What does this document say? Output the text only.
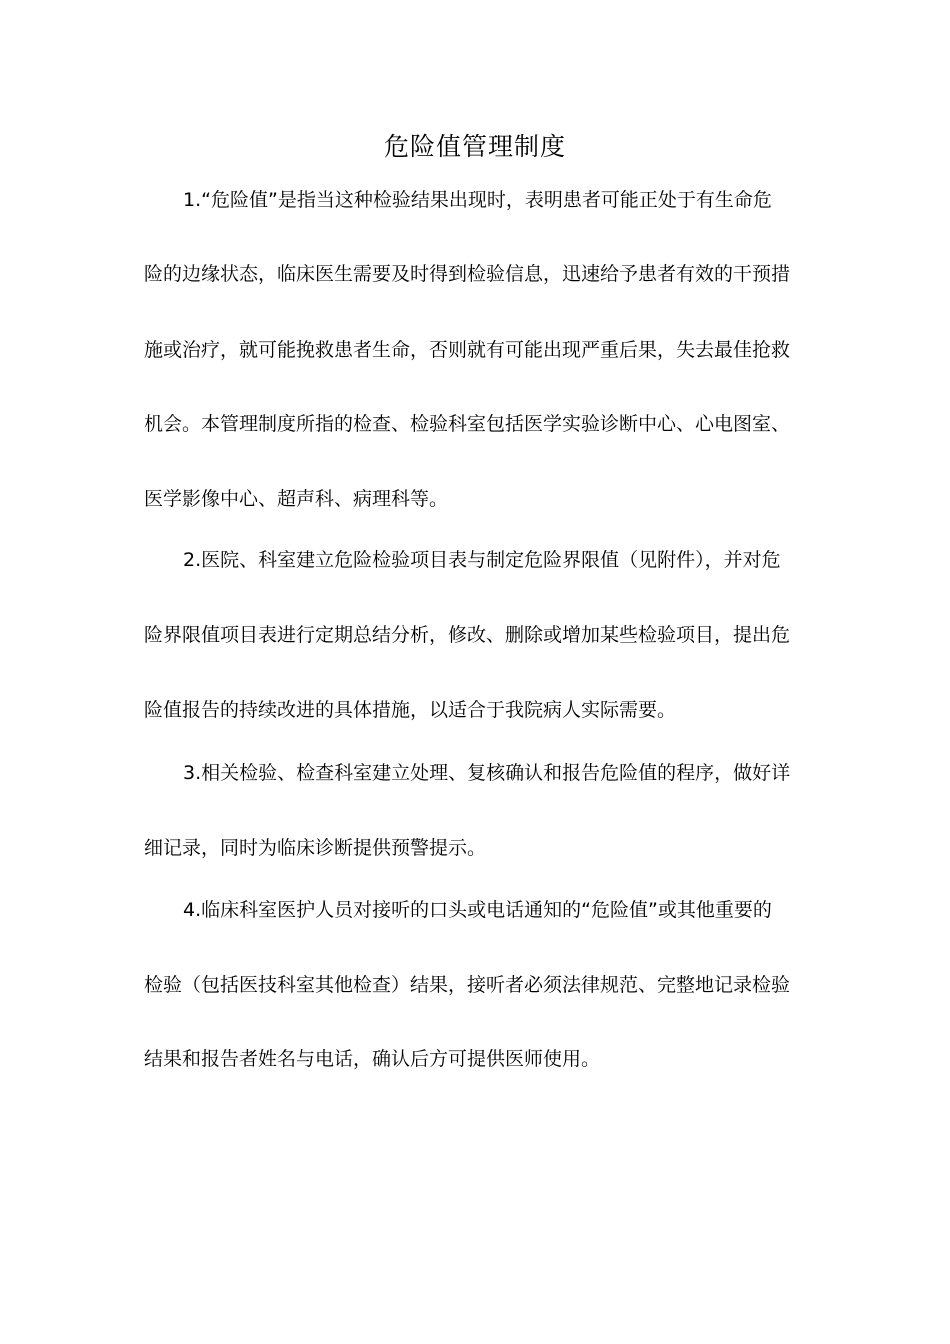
危险值管理制度
1.“危险值”是指当这种检验结果出现时，表明患者可能正处于有生命危
险的边缘状态，临床医生需要及时得到检验信息，迅速给予患者有效的干预措
施或治疗，就可能挽救患者生命，否则就有可能出现严重后果，失去最佳抢救
机会。本管理制度所指的检查、检验科室包括医学实验诊断中心、心电图室、
医学影像中心、超声科、病理科等。
2.医院、科室建立危险检验项目表与制定危险界限值（见附件），并对危
险界限值项目表进行定期总结分析，修改、删除或增加某些检验项目，提出危
险值报告的持续改进的具体措施，以适合于我院病人实际需要。
3.相关检验、检查科室建立处理、复核确认和报告危险值的程序，做好详
细记录，同时为临床诊断提供预警提示。
4.临床科室医护人员对接听的口头或电话通知的“危险值”或其他重要的
检验（包括医技科室其他检查）结果，接听者必须法律规范、完整地记录检验
结果和报告者姓名与电话，确认后方可提供医师使用。
